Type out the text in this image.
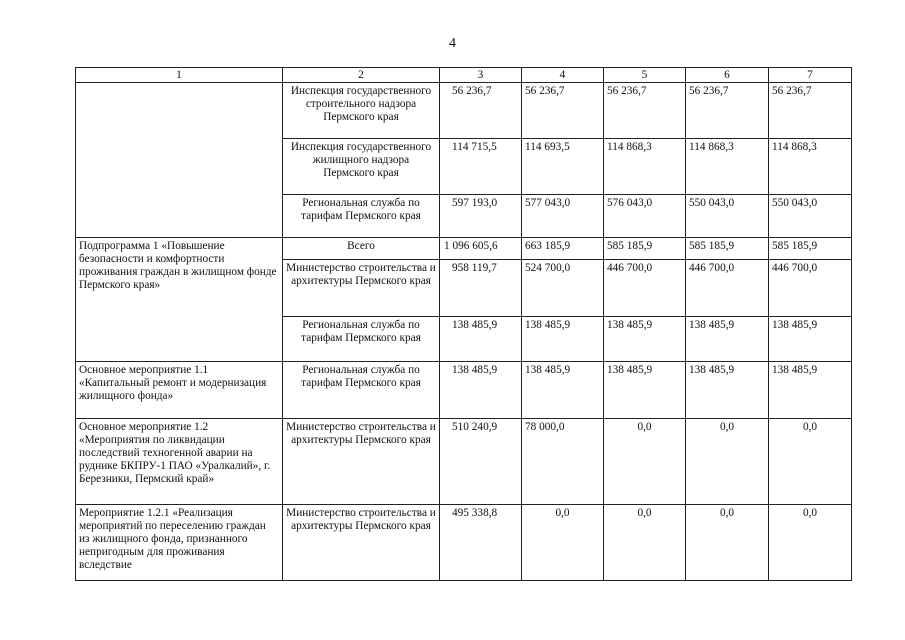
4
1	2	3	4	5	6	7
	Инспекция государственного строительного надзора Пермского края	56 236,7	56 236,7	56 236,7	56 236,7	56 236,7
	Инспекция государственного жилищного надзора Пермского края	114 715,5	114 693,5	114 868,3	114 868,3	114 868,3
	Региональная служба по тарифам Пермского края	597 193,0	577 043,0	576 043,0	550 043,0	550 043,0
Подпрограмма 1 «Повышение безопасности и комфортности проживания граждан в жилищном фонде Пермского края»	Всего	1 096 605,6	663 185,9	585 185,9	585 185,9	585 185,9
	Министерство строительства и архитектуры Пермского края	958 119,7	524 700,0	446 700,0	446 700,0	446 700,0
	Региональная служба по тарифам Пермского края	138 485,9	138 485,9	138 485,9	138 485,9	138 485,9
Основное мероприятие 1.1 «Капитальный ремонт и модернизация жилищного фонда»	Региональная служба по тарифам Пермского края	138 485,9	138 485,9	138 485,9	138 485,9	138 485,9
Основное мероприятие 1.2 «Мероприятия по ликвидации последствий техногенной аварии на руднике БКПРУ-1 ПАО «Уралкалий», г. Березники, Пермский край»	Министерство строительства и архитектуры Пермского края	510 240,9	78 000,0	0,0	0,0	0,0
Мероприятие 1.2.1 «Реализация мероприятий по переселению граждан из жилищного фонда, признанного непригодным для проживания вследствие	Министерство строительства и архитектуры Пермского края	495 338,8	0,0	0,0	0,0	0,0
